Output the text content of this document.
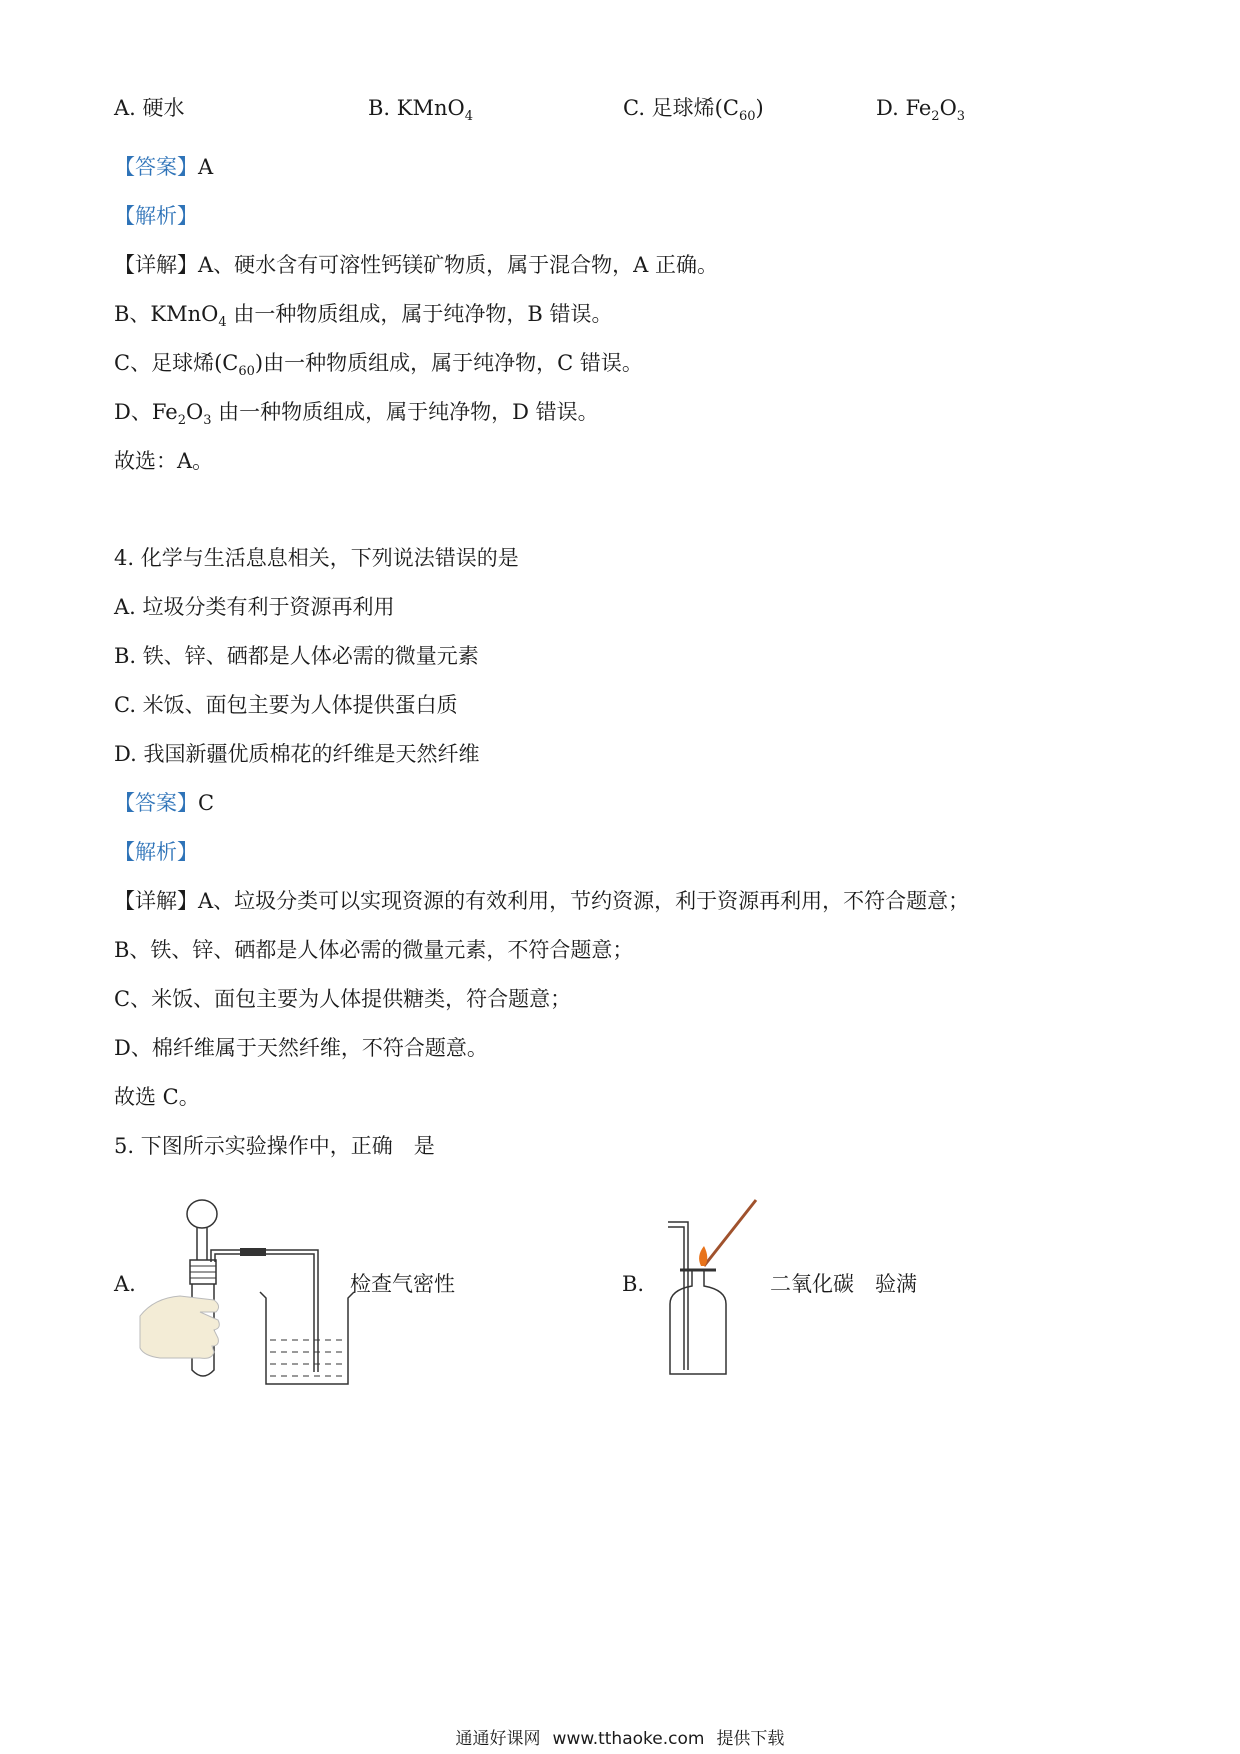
A. 硬水	B. KMnO$_4$	C. 足球烯$(C_{60})$	D. $Fe_2O_3$
【答案】A
【解析】
【详解】A、硬水含有可溶性钙镁矿物质，属于混合物，A 正确。
B、KMnO$_4$ 由一种物质组成，属于纯净物，B 错误。
C、足球烯$(C_{60})$由一种物质组成，属于纯净物，C 错误。
D、$Fe_2O_3$ 由一种物质组成，属于纯净物，D 错误。
故选：A。
4. 化学与生活息息相关，下列说法错误的是
A. 垃圾分类有利于资源再利用
B. 铁、锌、硒都是人体必需的微量元素
C. 米饭、面包主要为人体提供蛋白质
D. 我国新疆优质棉花的纤维是天然纤维
【答案】C
【解析】
【详解】A、垃圾分类可以实现资源的有效利用，节约资源，利于资源再利用，不符合题意；
B、铁、锌、硒都是人体必需的微量元素，不符合题意；
C、米饭、面包主要为人体提供糖类，符合题意；
D、棉纤维属于天然纤维，不符合题意。
故选 C。
5. 下图所示实验操作中，正确　是
A.	检查气密性	B.	二氧化碳　验满
通通好课网 www.tthaoke.com 提供下载
